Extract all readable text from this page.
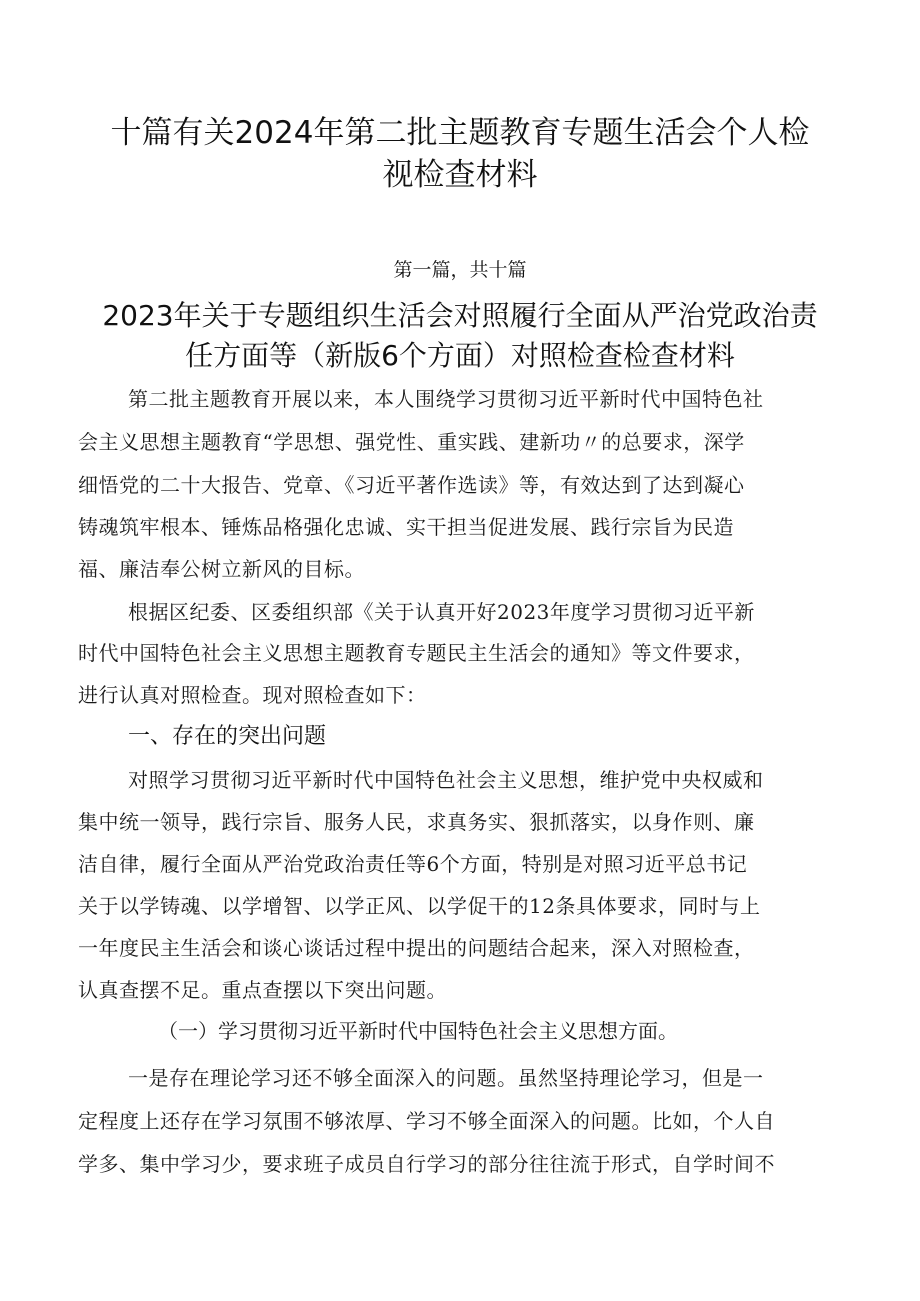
十篇有关2024年第二批主题教育专题生活会个人检
视检查材料

第一篇，共十篇

2023年关于专题组织生活会对照履行全面从严治党政治责
任方面等（新版6个方面）对照检查检查材料

第二批主题教育开展以来，本人围绕学习贯彻习近平新时代中国特色社

会主义思想主题教育“学思想、强党性、重实践、建新功〃的总要求，深学

细悟党的二十大报告、党章、《习近平著作选读》等，有效达到了达到凝心

铸魂筑牢根本、锤炼品格强化忠诚、实干担当促进发展、践行宗旨为民造

福、廉洁奉公树立新风的目标。

根据区纪委、区委组织部《关于认真开好2023年度学习贯彻习近平新

时代中国特色社会主义思想主题教育专题民主生活会的通知》等文件要求，

进行认真对照检查。现对照检查如下：

一、存在的突出问题

对照学习贯彻习近平新时代中国特色社会主义思想，维护党中央权威和

集中统一领导，践行宗旨、服务人民，求真务实、狠抓落实，以身作则、廉

洁自律，履行全面从严治党政治责任等6个方面，特别是对照习近平总书记

关于以学铸魂、以学增智、以学正风、以学促干的12条具体要求，同时与上

一年度民主生活会和谈心谈话过程中提出的问题结合起来，深入对照检查，

认真查摆不足。重点查摆以下突出问题。

（一）学习贯彻习近平新时代中国特色社会主义思想方面。

一是存在理论学习还不够全面深入的问题。虽然坚持理论学习，但是一

定程度上还存在学习氛围不够浓厚、学习不够全面深入的问题。比如，个人自

学多、集中学习少，要求班子成员自行学习的部分往往流于形式，自学时间不
